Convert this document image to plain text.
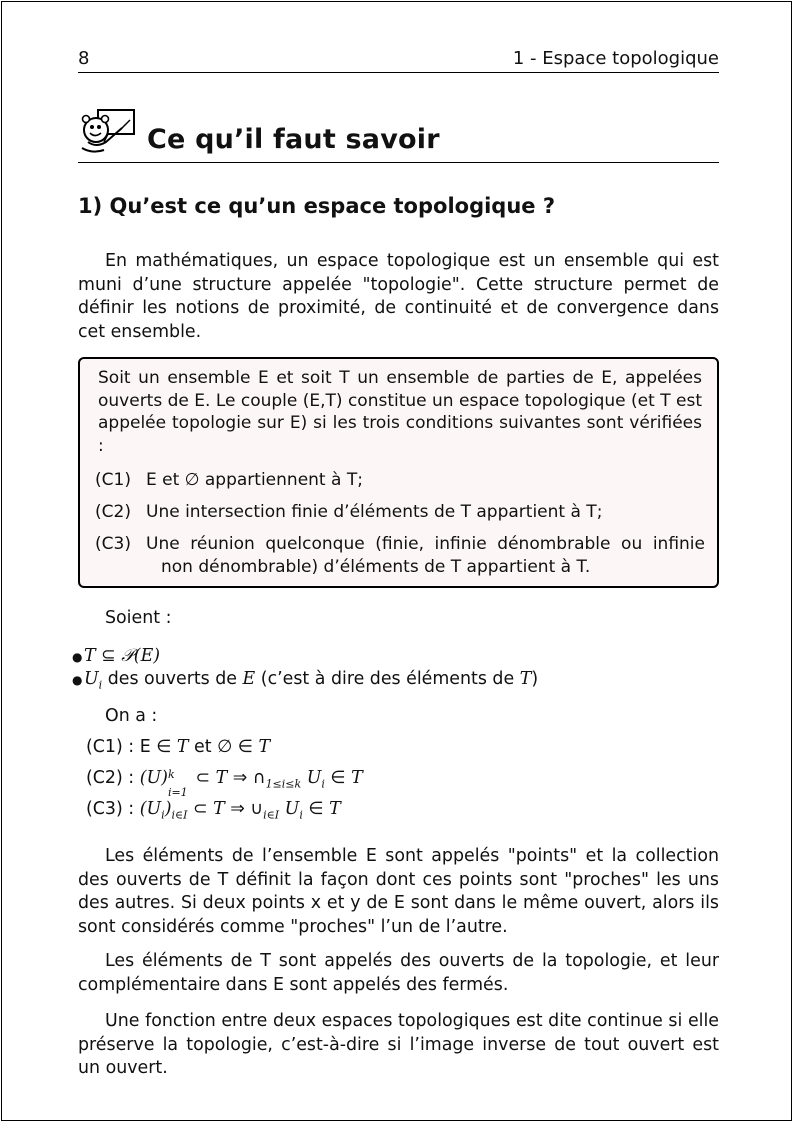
8	1 - Espace topologique
Ce qu’il faut savoir
1) Qu’est ce qu’un espace topologique ?

En mathématiques, un espace topologique est un ensemble qui est muni d’une structure appelée "topologie". Cette structure permet de définir les notions de proximité, de continuité et de convergence dans cet ensemble.

Soit un ensemble E et soit T un ensemble de parties de E, appelées ouverts de E. Le couple (E,T) constitue un espace topologique (et T est appelée topologie sur E) si les trois conditions suivantes sont vérifiées :
(C1) E et ∅ appartiennent à T;
(C2) Une intersection finie d’éléments de T appartient à T;
(C3) Une réunion quelconque (finie, infinie dénombrable ou infinie non dénombrable) d’éléments de T appartient à T.
Soient :
●T ⊆ 𝒫(E)
$●U_i$ des ouverts de E (c’est à dire des éléments de T)
On a :
(C1) : E ∈ T et ∅ ∈ T
(C2) : (U) k
i=1
⊂ T ⇒ $\cap_{1\le i\le k}$ $U_i$ ∈ T
(C3) : $(U_i)_{i\in I}$ ⊂ T ⇒ $\cup_{i\in I}$ $U_i$ ∈ T

Les éléments de l’ensemble E sont appelés "points" et la collection des ouverts de T définit la façon dont ces points sont "proches" les uns des autres. Si deux points x et y de E sont dans le même ouvert, alors ils sont considérés comme "proches" l’un de l’autre.

Les éléments de T sont appelés des ouverts de la topologie, et leur complémentaire dans E sont appelés des fermés.

Une fonction entre deux espaces topologiques est dite continue si elle préserve la topologie, c’est-à-dire si l’image inverse de tout ouvert est un ouvert.
